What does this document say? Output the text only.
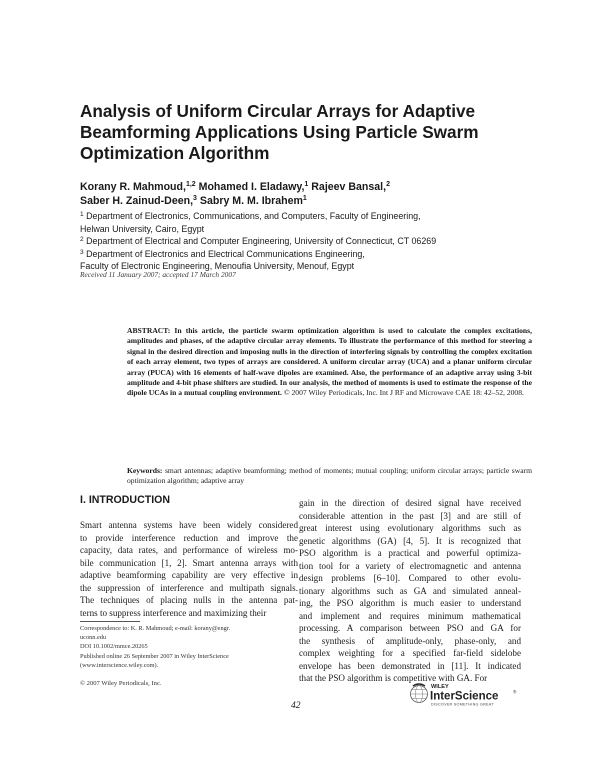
Analysis of Uniform Circular Arrays for Adaptive
Beamforming Applications Using Particle Swarm
Optimization Algorithm
Korany R. Mahmoud,$^{1,2}$ Mohamed I. Eladawy,$^1$ Rajeev Bansal,$^2$
Saber H. Zainud-Deen,$^3$ Sabry M. M. Ibrahem$^1$
$^1$ Department of Electronics, Communications, and Computers, Faculty of Engineering,
Helwan University, Cairo, Egypt
$^2$ Department of Electrical and Computer Engineering, University of Connecticut, CT 06269
$^3$ Department of Electronics and Electrical Communications Engineering,
Faculty of Electronic Engineering, Menoufia University, Menouf, Egypt
Received 11 January 2007; accepted 17 March 2007
ABSTRACT: In this article, the particle swarm optimization algorithm is used to calculate the complex excitations, amplitudes and phases, of the adaptive circular array elements. To illustrate the performance of this method for steering a signal in the desired direction and imposing nulls in the direction of interfering signals by controlling the complex excitation of each array element, two types of arrays are considered. A uniform circular array (UCA) and a planar uniform circular array (PUCA) with 16 elements of half-wave dipoles are examined. Also, the performance of an adaptive array using 3-bit amplitude and 4-bit phase shifters are studied. In our analysis, the method of moments is used to estimate the response of the dipole UCAs in a mutual coupling environment. © 2007 Wiley Periodicals, Inc. Int J RF and Microwave CAE 18: 42–52, 2008.
Keywords: smart antennas; adaptive beamforming; method of moments; mutual coupling; uniform circular arrays; particle swarm optimization algorithm; adaptive array
I. INTRODUCTION
Smart antenna systems have been widely considered
to provide interference reduction and improve the
capacity, data rates, and performance of wireless mo-
bile communication [1, 2]. Smart antenna arrays with
adaptive beamforming capability are very effective in
the suppression of interference and multipath signals.
The techniques of placing nulls in the antenna pat-
terns to suppress interference and maximizing their
gain in the direction of desired signal have received
considerable attention in the past [3] and are still of
great interest using evolutionary algorithms such as
genetic algorithms (GA) [4, 5]. It is recognized that
PSO algorithm is a practical and powerful optimiza-
tion tool for a variety of electromagnetic and antenna
design problems [6–10]. Compared to other evolu-
tionary algorithms such as GA and simulated anneal-
ing, the PSO algorithm is much easier to understand
and implement and requires minimum mathematical
processing. A comparison between PSO and GA for
the synthesis of amplitude-only, phase-only, and
complex weighting for a specified far-field sidelobe
envelope has been demonstrated in [11]. It indicated
that the PSO algorithm is competitive with GA. For
Correspondence to: K. R. Mahmoud; e-mail: korany@engr.
uconn.edu
DOI 10.1002/mmce.20265
Published online 26 September 2007 in Wiley InterScience
(www.interscience.wiley.com).
© 2007 Wiley Periodicals, Inc.
42
WILEY
InterScience	®
DISCOVER SOMETHING GREAT
